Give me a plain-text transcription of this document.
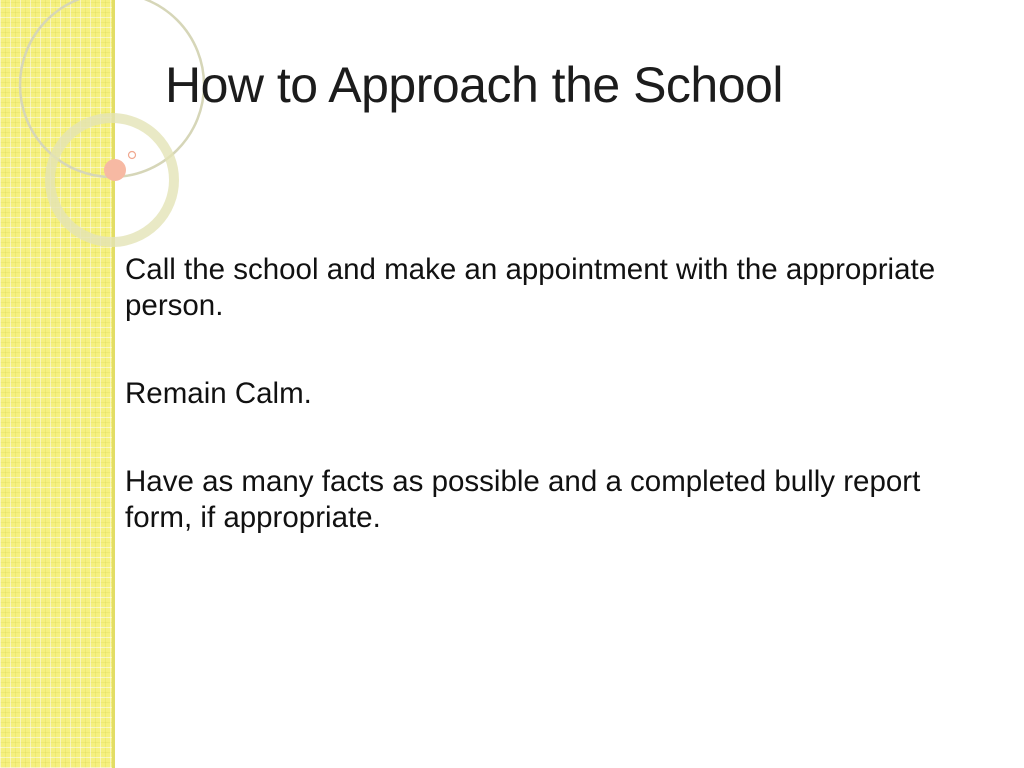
How to Approach the School
Call the school and make an appointment with the appropriate person.
Remain Calm.
Have as many facts as possible and a completed bully report form, if appropriate.
